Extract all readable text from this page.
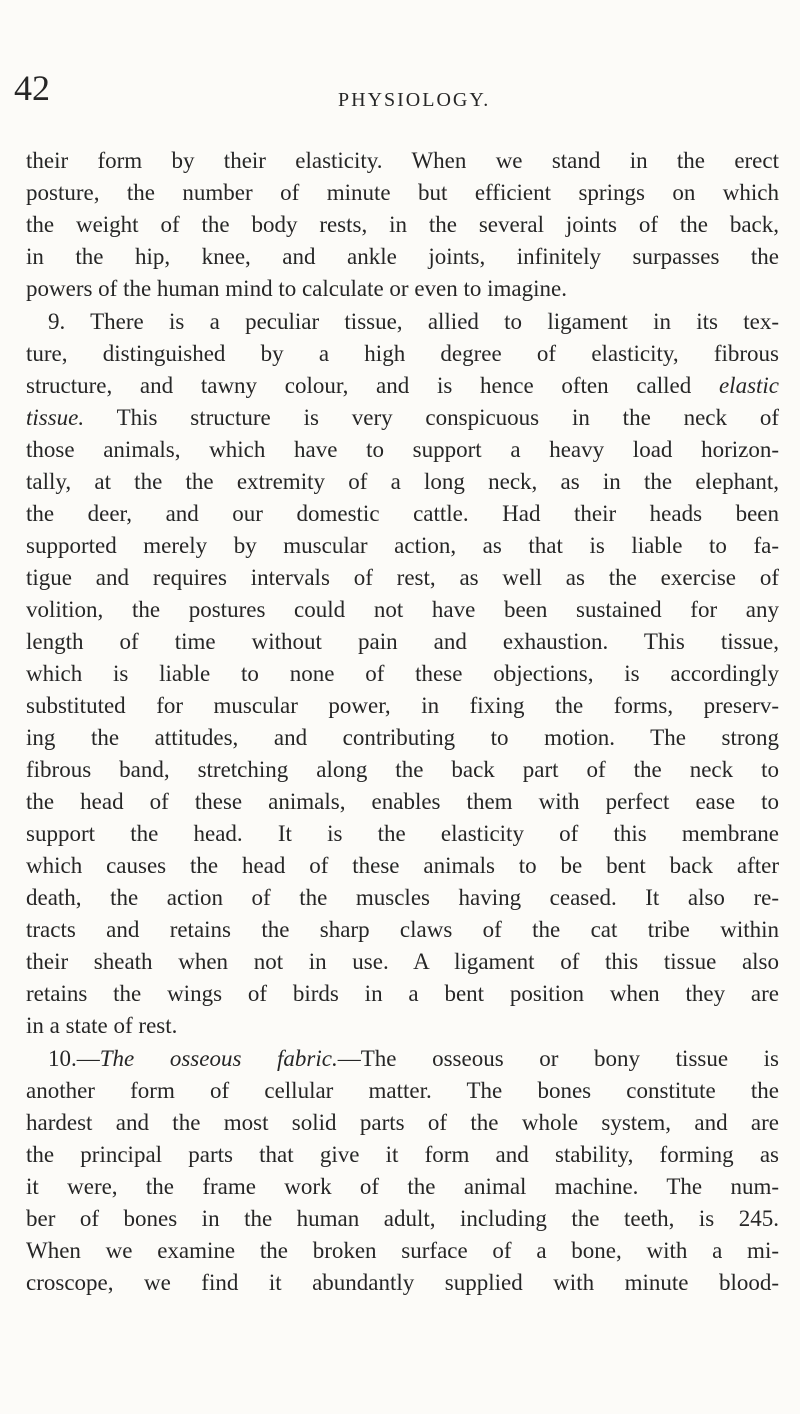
42	PHYSIOLOGY.
their form by their elasticity. When we stand in the erect
posture, the number of minute but efficient springs on which
the weight of the body rests, in the several joints of the back,
in the hip, knee, and ankle joints, infinitely surpasses the
powers of the human mind to calculate or even to imagine.
9. There is a peculiar tissue, allied to ligament in its tex-
ture, distinguished by a high degree of elasticity, fibrous
structure, and tawny colour, and is hence often called elastic
tissue. This structure is very conspicuous in the neck of
those animals, which have to support a heavy load horizon-
tally, at the the extremity of a long neck, as in the elephant,
the deer, and our domestic cattle. Had their heads been
supported merely by muscular action, as that is liable to fa-
tigue and requires intervals of rest, as well as the exercise of
volition, the postures could not have been sustained for any
length of time without pain and exhaustion. This tissue,
which is liable to none of these objections, is accordingly
substituted for muscular power, in fixing the forms, preserv-
ing the attitudes, and contributing to motion. The strong
fibrous band, stretching along the back part of the neck to
the head of these animals, enables them with perfect ease to
support the head. It is the elasticity of this membrane
which causes the head of these animals to be bent back after
death, the action of the muscles having ceased. It also re-
tracts and retains the sharp claws of the cat tribe within
their sheath when not in use. A ligament of this tissue also
retains the wings of birds in a bent position when they are
in a state of rest.
10.—The osseous fabric.—The osseous or bony tissue is
another form of cellular matter. The bones constitute the
hardest and the most solid parts of the whole system, and are
the principal parts that give it form and stability, forming as
it were, the frame work of the animal machine. The num-
ber of bones in the human adult, including the teeth, is 245.
When we examine the broken surface of a bone, with a mi-
croscope, we find it abundantly supplied with minute blood-
